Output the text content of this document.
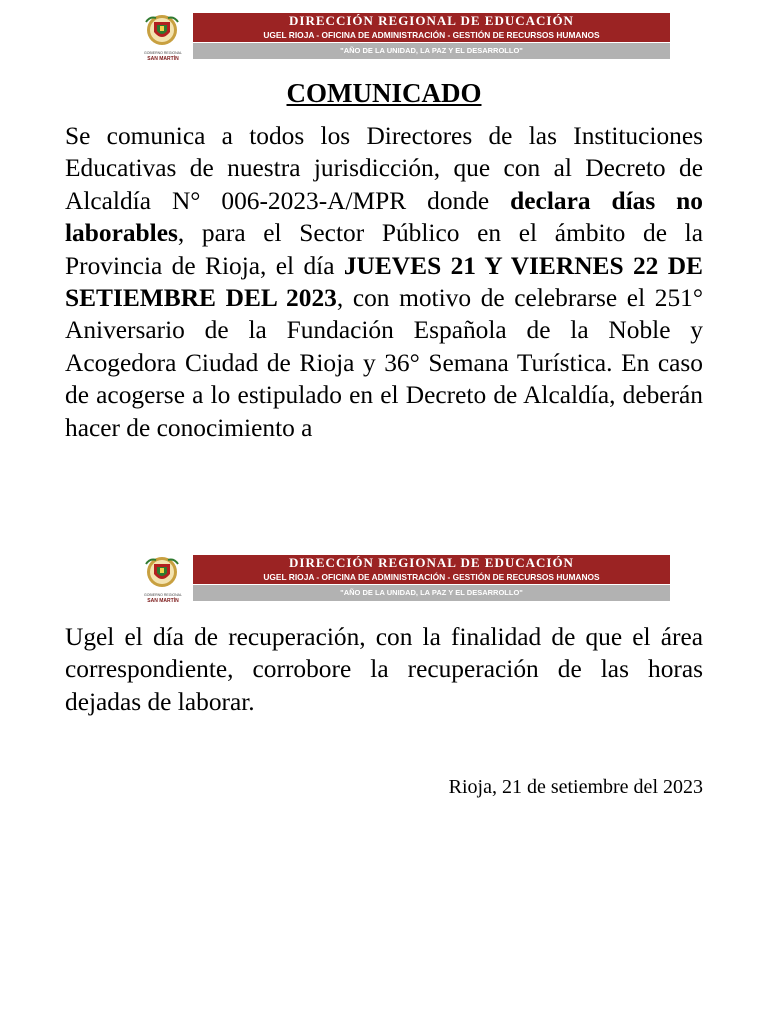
GOBIERNO REGIONAL
SAN MARTÍN
DIRECCIÓN REGIONAL DE EDUCACIÓN
UGEL RIOJA - OFICINA DE ADMINISTRACIÓN - GESTIÓN DE RECURSOS HUMANOS
"AÑO DE LA UNIDAD, LA PAZ Y EL DESARROLLO"
COMUNICADO

Se comunica a todos los Directores de las Instituciones Educativas de nuestra jurisdicción, que con al Decreto de Alcaldía N° 006-2023-A/MPR donde declara días no laborables, para el Sector Público en el ámbito de la Provincia de Rioja, el día JUEVES 21 Y VIERNES 22 DE SETIEMBRE DEL 2023, con motivo de celebrarse el 251° Aniversario de la Fundación Española de la Noble y Acogedora Ciudad de Rioja y 36° Semana Turística. En caso de acogerse a lo estipulado en el Decreto de Alcaldía, deberán hacer de conocimiento a

GOBIERNO REGIONAL
SAN MARTÍN
DIRECCIÓN REGIONAL DE EDUCACIÓN
UGEL RIOJA - OFICINA DE ADMINISTRACIÓN - GESTIÓN DE RECURSOS HUMANOS
"AÑO DE LA UNIDAD, LA PAZ Y EL DESARROLLO"

Ugel el día de recuperación, con la finalidad de que el área correspondiente, corrobore la recuperación de las horas dejadas de laborar.

Rioja, 21 de setiembre del 2023
